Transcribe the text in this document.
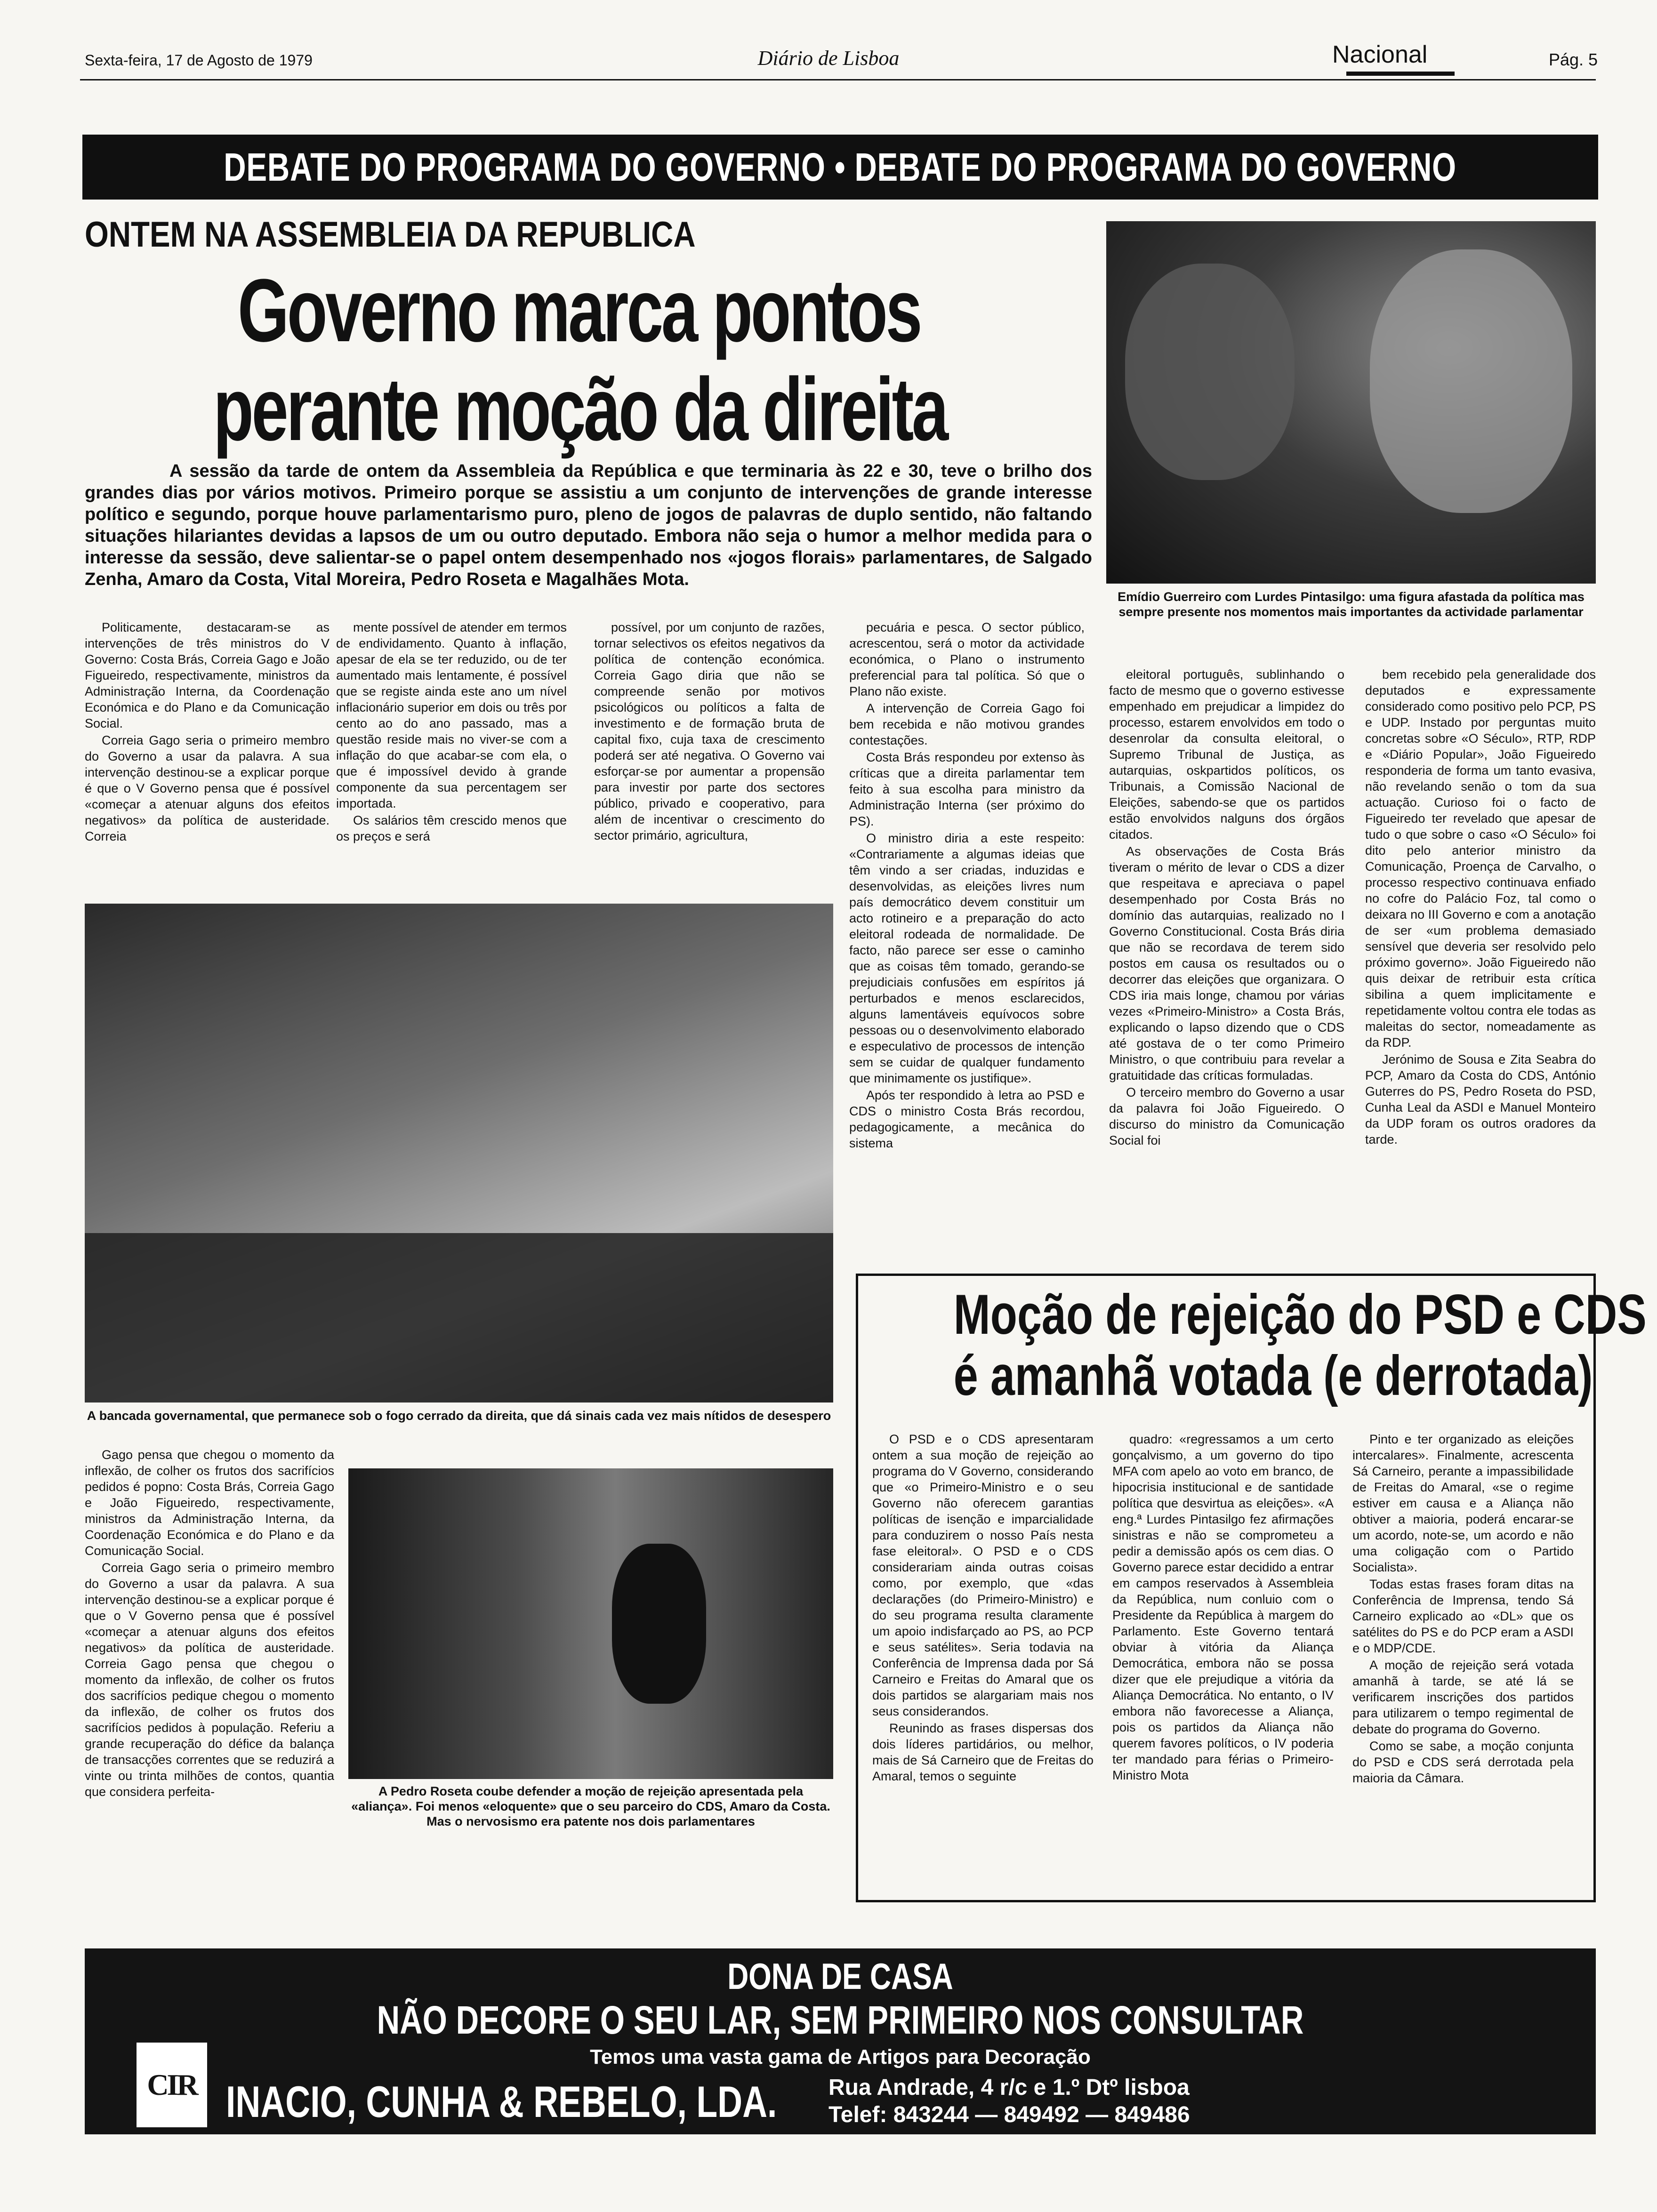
Sexta-feira, 17 de Agosto de 1979	Diário de Lisboa	Nacional	Pág. 5
DEBATE DO PROGRAMA DO GOVERNO • DEBATE DO PROGRAMA DO GOVERNO
ONTEM NA ASSEMBLEIA DA REPUBLICA
Governo marca pontos
perante moção da direita
A sessão da tarde de ontem da Assembleia da República e que terminaria às 22 e 30, teve o brilho dos grandes dias por vários motivos. Primeiro porque se assistiu a um conjunto de intervenções de grande interesse político e segundo, porque houve parlamentarismo puro, pleno de jogos de palavras de duplo sentido, não faltando situações hilariantes devidas a lapsos de um ou outro deputado. Embora não seja o humor a melhor medida para o interesse da sessão, deve salientar-se o papel ontem desempenhado nos «jogos florais» parlamentares, de Salgado Zenha, Amaro da Costa, Vital Moreira, Pedro Roseta e Magalhães Mota.
Emídio Guerreiro com Lurdes Pintasilgo: uma figura afastada da política mas sempre presente nos momentos mais importantes da actividade parlamentar

Politicamente, destacaram-se as intervenções de três ministros do V Governo: Costa Brás, Correia Gago e João Figueiredo, respectivamente, ministros da Administração Interna, da Coordenação Económica e do Plano e da Comunicação Social.

Correia Gago seria o primeiro membro do Governo a usar da palavra. A sua intervenção destinou-se a explicar porque é que o V Governo pensa que é possível «começar a atenuar alguns dos efeitos negativos» da política de austeridade. Correia

mente possível de atender em termos de endividamento. Quanto à inflação, apesar de ela se ter reduzido, ou de ter aumentado mais lentamente, é possível que se registe ainda este ano um nível inflacionário superior em dois ou três por cento ao do ano passado, mas a questão reside mais no viver-se com a inflação do que acabar-se com ela, o que é impossível devido à grande componente da sua percentagem ser importada.

Os salários têm crescido menos que os preços e será

possível, por um conjunto de razões, tornar selectivos os efeitos negativos da política de contenção económica. Correia Gago diria que não se compreende senão por motivos psicológicos ou políticos a falta de investimento e de formação bruta de capital fixo, cuja taxa de crescimento poderá ser até negativa. O Governo vai esforçar-se por aumentar a propensão para investir por parte dos sectores público, privado e cooperativo, para além de incentivar o crescimento do sector primário, agricultura,

pecuária e pesca. O sector público, acrescentou, será o motor da actividade económica, o Plano o instrumento preferencial para tal política. Só que o Plano não existe.

A intervenção de Correia Gago foi bem recebida e não motivou grandes contestações.

Costa Brás respondeu por extenso às críticas que a direita parlamentar tem feito à sua escolha para ministro da Administração Interna (ser próximo do PS).

O ministro diria a este respeito: «Contrariamente a algumas ideias que têm vindo a ser criadas, induzidas e desenvolvidas, as eleições livres num país democrático devem constituir um acto rotineiro e a preparação do acto eleitoral rodeada de normalidade. De facto, não parece ser esse o caminho que as coisas têm tomado, gerando-se prejudiciais confusões em espíritos já perturbados e menos esclarecidos, alguns lamentáveis equívocos sobre pessoas ou o desenvolvimento elaborado e especulativo de processos de intenção sem se cuidar de qualquer fundamento que minimamente os justifique».

Após ter respondido à letra ao PSD e CDS o ministro Costa Brás recordou, pedagogicamente, a mecânica do sistema

eleitoral português, sublinhando o facto de mesmo que o governo estivesse empenhado em prejudicar a limpidez do processo, estarem envolvidos em todo o desenrolar da consulta eleitoral, o Supremo Tribunal de Justiça, as autarquias, oskpartidos políticos, os Tribunais, a Comissão Nacional de Eleições, sabendo-se que os partidos estão envolvidos nalguns dos órgãos citados.

As observações de Costa Brás tiveram o mérito de levar o CDS a dizer que respeitava e apreciava o papel desempenhado por Costa Brás no domínio das autarquias, realizado no I Governo Constitucional. Costa Brás diria que não se recordava de terem sido postos em causa os resultados ou o decorrer das eleições que organizara. O CDS iria mais longe, chamou por várias vezes «Primeiro-Ministro» a Costa Brás, explicando o lapso dizendo que o CDS até gostava de o ter como Primeiro Ministro, o que contribuiu para revelar a gratuitidade das críticas formuladas.

O terceiro membro do Governo a usar da palavra foi João Figueiredo. O discurso do ministro da Comunicação Social foi

bem recebido pela generalidade dos deputados e expressamente considerado como positivo pelo PCP, PS e UDP. Instado por perguntas muito concretas sobre «O Século», RTP, RDP e «Diário Popular», João Figueiredo responderia de forma um tanto evasiva, não revelando senão o tom da sua actuação. Curioso foi o facto de Figueiredo ter revelado que apesar de tudo o que sobre o caso «O Século» foi dito pelo anterior ministro da Comunicação, Proença de Carvalho, o processo respectivo continuava enfiado no cofre do Palácio Foz, tal como o deixara no III Governo e com a anotação de ser «um problema demasiado sensível que deveria ser resolvido pelo próximo governo». João Figueiredo não quis deixar de retribuir esta crítica sibilina a quem implicitamente e repetidamente voltou contra ele todas as maleitas do sector, nomeadamente as da RDP.

Jerónimo de Sousa e Zita Seabra do PCP, Amaro da Costa do CDS, António Guterres do PS, Pedro Roseta do PSD, Cunha Leal da ASDI e Manuel Monteiro da UDP foram os outros oradores da tarde.

A bancada governamental, que permanece sob o fogo cerrado da direita, que dá sinais cada vez mais nítidos de desespero

Gago pensa que chegou o momento da inflexão, de colher os frutos dos sacrifícios pedidos é popno: Costa Brás, Correia Gago e João Figueiredo, respectivamente, ministros da Administração Interna, da Coordenação Económica e do Plano e da Comunicação Social.

Correia Gago seria o primeiro membro do Governo a usar da palavra. A sua intervenção destinou-se a explicar porque é que o V Governo pensa que é possível «começar a atenuar alguns dos efeitos negativos» da política de austeridade. Correia Gago pensa que chegou o momento da inflexão, de colher os frutos dos sacrifícios pedique chegou o momento da inflexão, de colher os frutos dos sacrifícios pedidos à população. Referiu a grande recuperação do défice da balança de transacções correntes que se reduzirá a vinte ou trinta milhões de contos, quantia que considera perfeita-	A Pedro Roseta coube defender a moção de rejeição apresentada pela «aliança». Foi menos «eloquente» que o seu parceiro do CDS, Amaro da Costa. Mas o nervosismo era patente nos dois parlamentares
Moção de rejeição do PSD e CDS
é amanhã votada (e derrotada)

O PSD e o CDS apresentaram ontem a sua moção de rejeição ao programa do V Governo, considerando que «o Primeiro-Ministro e o seu Governo não oferecem garantias políticas de isenção e imparcialidade para conduzirem o nosso País nesta fase eleitoral». O PSD e o CDS considerariam ainda outras coisas como, por exemplo, que «das declarações (do Primeiro-Ministro) e do seu programa resulta claramente um apoio indisfarçado ao PS, ao PCP e seus satélites». Seria todavia na Conferência de Imprensa dada por Sá Carneiro e Freitas do Amaral que os dois partidos se alargariam mais nos seus considerandos.

Reunindo as frases dispersas dos dois líderes partidários, ou melhor, mais de Sá Carneiro que de Freitas do Amaral, temos o seguinte

quadro: «regressamos a um certo gonçalvismo, a um governo do tipo MFA com apelo ao voto em branco, de hipocrisia institucional e de santidade política que desvirtua as eleições». «A eng.ª Lurdes Pintasilgo fez afirmações sinistras e não se comprometeu a pedir a demissão após os cem dias. O Governo parece estar decidido a entrar em campos reservados à Assembleia da República, num conluio com o Presidente da República à margem do Parlamento. Este Governo tentará obviar à vitória da Aliança Democrática, embora não se possa dizer que ele prejudique a vitória da Aliança Democrática. No entanto, o IV embora não favorecesse a Aliança, pois os partidos da Aliança não querem favores políticos, o IV poderia ter mandado para férias o Primeiro-Ministro Mota

Pinto e ter organizado as eleições intercalares». Finalmente, acrescenta Sá Carneiro, perante a impassibilidade de Freitas do Amaral, «se o regime estiver em causa e a Aliança não obtiver a maioria, poderá encarar-se um acordo, note-se, um acordo e não uma coligação com o Partido Socialista».

Todas estas frases foram ditas na Conferência de Imprensa, tendo Sá Carneiro explicado ao «DL» que os satélites do PS e do PCP eram a ASDI e o MDP/CDE.

A moção de rejeição será votada amanhã à tarde, se até lá se verificarem inscrições dos partidos para utilizarem o tempo regimental de debate do programa do Governo.

Como se sabe, a moção conjunta do PSD e CDS será derrotada pela maioria da Câmara.

DONA DE CASA
NÃO DECORE O SEU LAR, SEM PRIMEIRO NOS CONSULTAR
Temos uma vasta gama de Artigos para Decoração
CIR INACIO, CUNHA & REBELO, LDA. Rua Andrade, 4 r/c e 1.º Dtº lisboa
Telef: 843244 — 849492 — 849486
